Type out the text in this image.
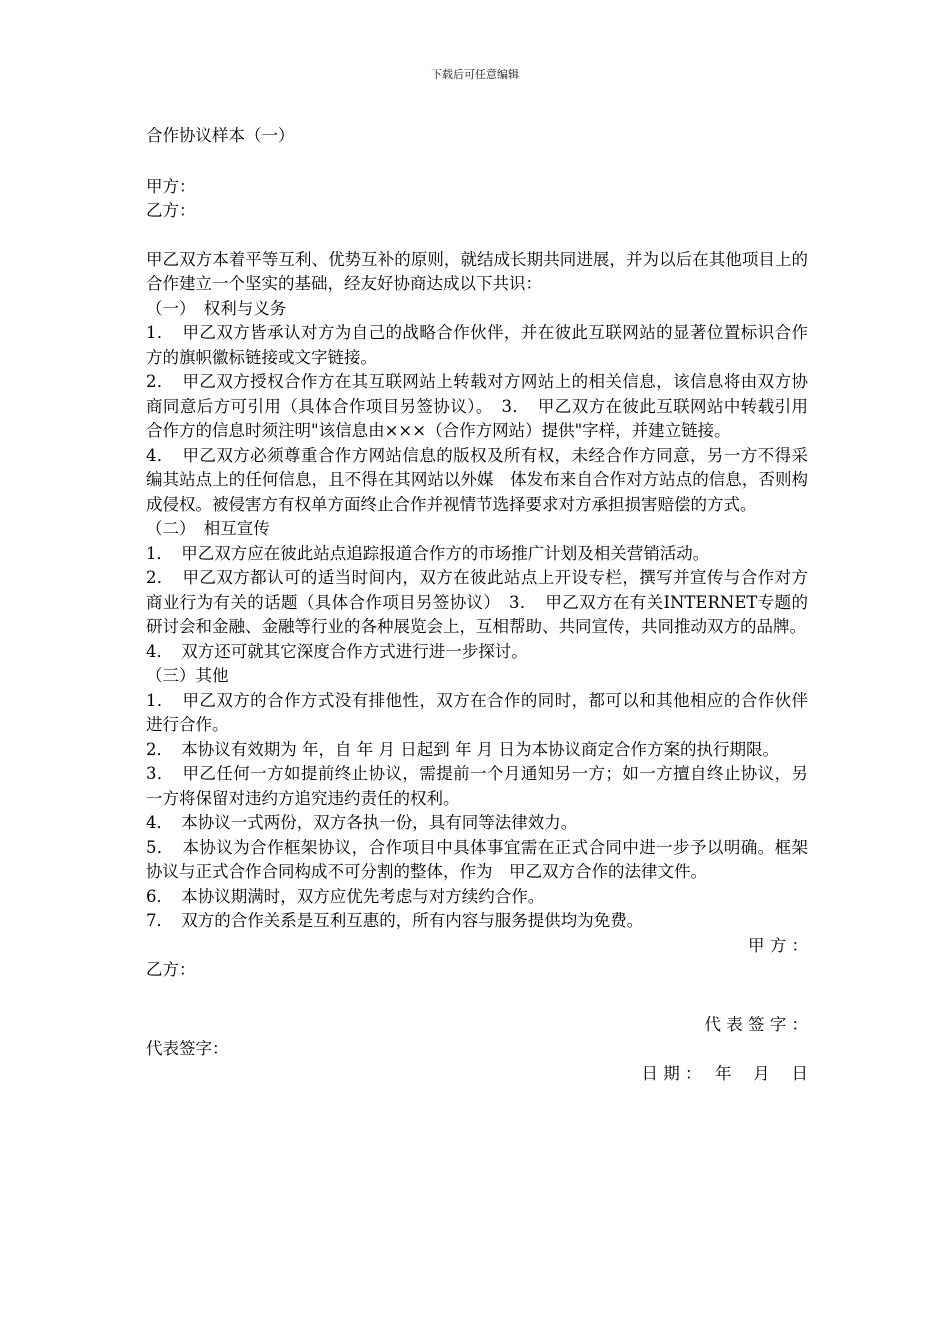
下载后可任意编辑

合作协议样本（一）

甲方：

乙方：

甲乙双方本着平等互利、优势互补的原则，就结成长期共同进展，并为以后在其他项目上的合作建立一个坚实的基础，经友好协商达成以下共识：

（一）　权利与义务

1．　甲乙双方皆承认对方为自己的战略合作伙伴，并在彼此互联网站的显著位置标识合作方的旗帜徽标链接或文字链接。

2．　甲乙双方授权合作方在其互联网站上转载对方网站上的相关信息，该信息将由双方协商同意后方可引用（具体合作项目另签协议）。　3．　甲乙双方在彼此互联网站中转载引用合作方的信息时须注明"该信息由×××（合作方网站）提供"字样，并建立链接。

4．　甲乙双方必须尊重合作方网站信息的版权及所有权，未经合作方同意，另一方不得采编其站点上的任何信息，且不得在其网站以外媒　体发布来自合作对方站点的信息，否则构成侵权。被侵害方有权单方面终止合作并视情节选择要求对方承担损害赔偿的方式。

（二）　相互宣传

1．　甲乙双方应在彼此站点追踪报道合作方的市场推广计划及相关营销活动。

2．　甲乙双方都认可的适当时间内，双方在彼此站点上开设专栏，撰写并宣传与合作对方商业行为有关的话题（具体合作项目另签协议）　3．　甲乙双方在有关INTERNET专题的研讨会和金融、金融等行业的各种展览会上，互相帮助、共同宣传，共同推动双方的品牌。

4．　双方还可就其它深度合作方式进行进一步探讨。

（三）其他

1．　甲乙双方的合作方式没有排他性，双方在合作的同时，都可以和其他相应的合作伙伴进行合作。

2．　本协议有效期为 年，自 年 月 日起到 年 月 日为本协议商定合作方案的执行期限。

3．　甲乙任何一方如提前终止协议，需提前一个月通知另一方；如一方擅自终止协议，另一方将保留对违约方追究违约责任的权利。

4．　本协议一式两份，双方各执一份，具有同等法律效力。

5．　本协议为合作框架协议，合作项目中具体事宜需在正式合同中进一步予以明确。框架协议与正式合作合同构成不可分割的整体，作为　甲乙双方合作的法律文件。

6．　本协议期满时，双方应优先考虑与对方续约合作。

7．　双方的合作关系是互利互惠的，所有内容与服务提供均为免费。

甲 方 ：

乙方：

代 表 签 字 ：

代表签字：

日 期 ：　 年　 月　 日
